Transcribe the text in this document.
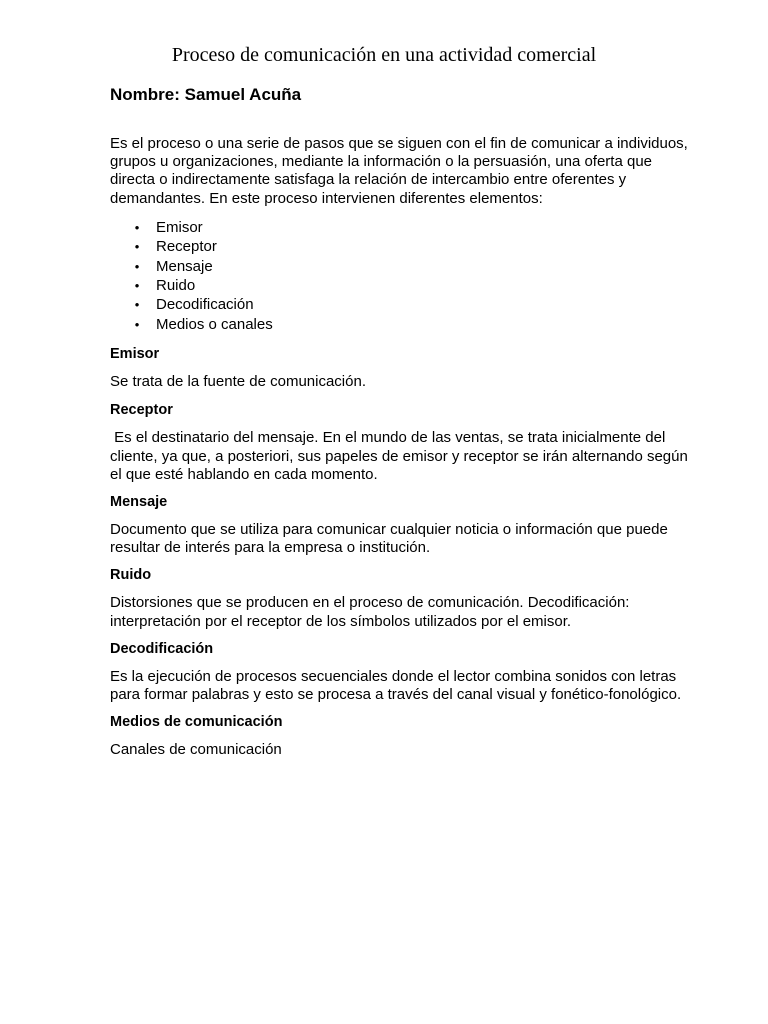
Proceso de comunicación en una actividad comercial
Nombre: Samuel Acuña

Es el proceso o una serie de pasos que se siguen con el fin de comunicar a individuos, grupos u organizaciones, mediante la información o la persuasión, una oferta que directa o indirectamente satisfaga la relación de intercambio entre oferentes y demandantes. En este proceso intervienen diferentes elementos:

• Emisor
• Receptor
• Mensaje
• Ruido
• Decodificación
• Medios o canales
Emisor

Se trata de la fuente de comunicación.

Receptor

Es el destinatario del mensaje. En el mundo de las ventas, se trata inicialmente del cliente, ya que, a posteriori, sus papeles de emisor y receptor se irán alternando según el que esté hablando en cada momento.

Mensaje

Documento que se utiliza para comunicar cualquier noticia o información que puede resultar de interés para la empresa o institución.

Ruido

Distorsiones que se producen en el proceso de comunicación. Decodificación: interpretación por el receptor de los símbolos utilizados por el emisor.

Decodificación

Es la ejecución de procesos secuenciales donde el lector combina sonidos con letras para formar palabras y esto se procesa a través del canal visual y fonético-fonológico.

Medios de comunicación

Canales de comunicación
